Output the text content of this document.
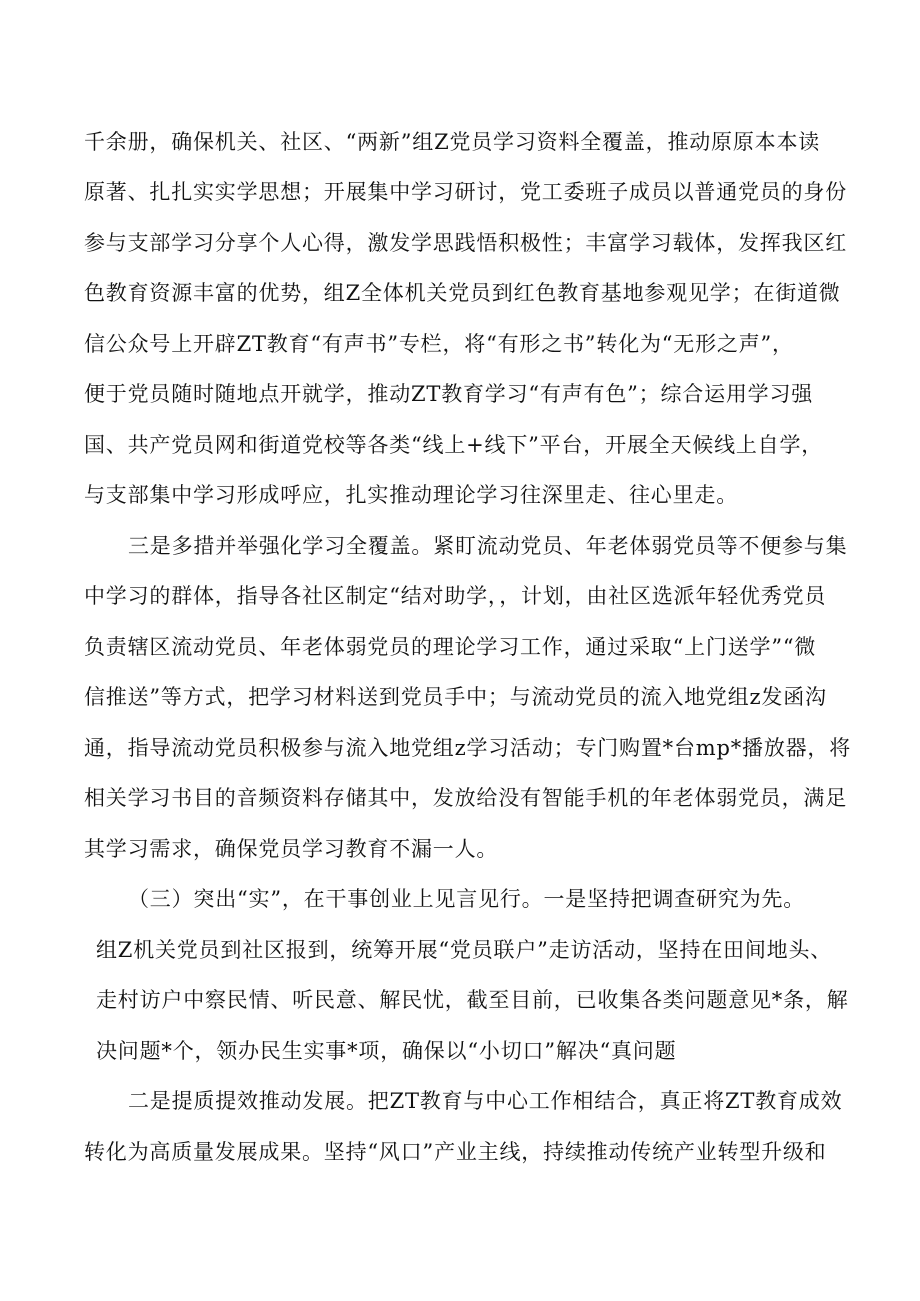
千余册，确保机关、社区、“两新”组Z党员学习资料全覆盖，推动原原本本读
原著、扎扎实实学思想；开展集中学习研讨，党工委班子成员以普通党员的身份
参与支部学习分享个人心得，激发学思践悟积极性；丰富学习载体，发挥我区红
色教育资源丰富的优势，组Z全体机关党员到红色教育基地参观见学；在街道微
信公众号上开辟ZT教育“有声书”专栏，将“有形之书”转化为“无形之声”，
便于党员随时随地点开就学，推动ZT教育学习“有声有色”；综合运用学习强
国、共产党员网和街道党校等各类“线上+线下”平台，开展全天候线上自学，
与支部集中学习形成呼应，扎实推动理论学习往深里走、往心里走。
三是多措并举强化学习全覆盖。紧盯流动党员、年老体弱党员等不便参与集
中学习的群体，指导各社区制定“结对助学，，计划，由社区选派年轻优秀党员
负责辖区流动党员、年老体弱党员的理论学习工作，通过采取“上门送学”“微
信推送”等方式，把学习材料送到党员手中；与流动党员的流入地党组z发函沟
通，指导流动党员积极参与流入地党组z学习活动；专门购置*台mp*播放器，将
相关学习书目的音频资料存储其中，发放给没有智能手机的年老体弱党员，满足
其学习需求，确保党员学习教育不漏一人。
（三）突出“实”，在干事创业上见言见行。一是坚持把调查研究为先。
组Z机关党员到社区报到，统筹开展“党员联户”走访活动，坚持在田间地头、
走村访户中察民情、听民意、解民忧，截至目前，已收集各类问题意见*条，解
决问题*个，领办民生实事*项，确保以“小切口”解决“真问题
二是提质提效推动发展。把ZT教育与中心工作相结合，真正将ZT教育成效
转化为高质量发展成果。坚持“风口”产业主线，持续推动传统产业转型升级和
